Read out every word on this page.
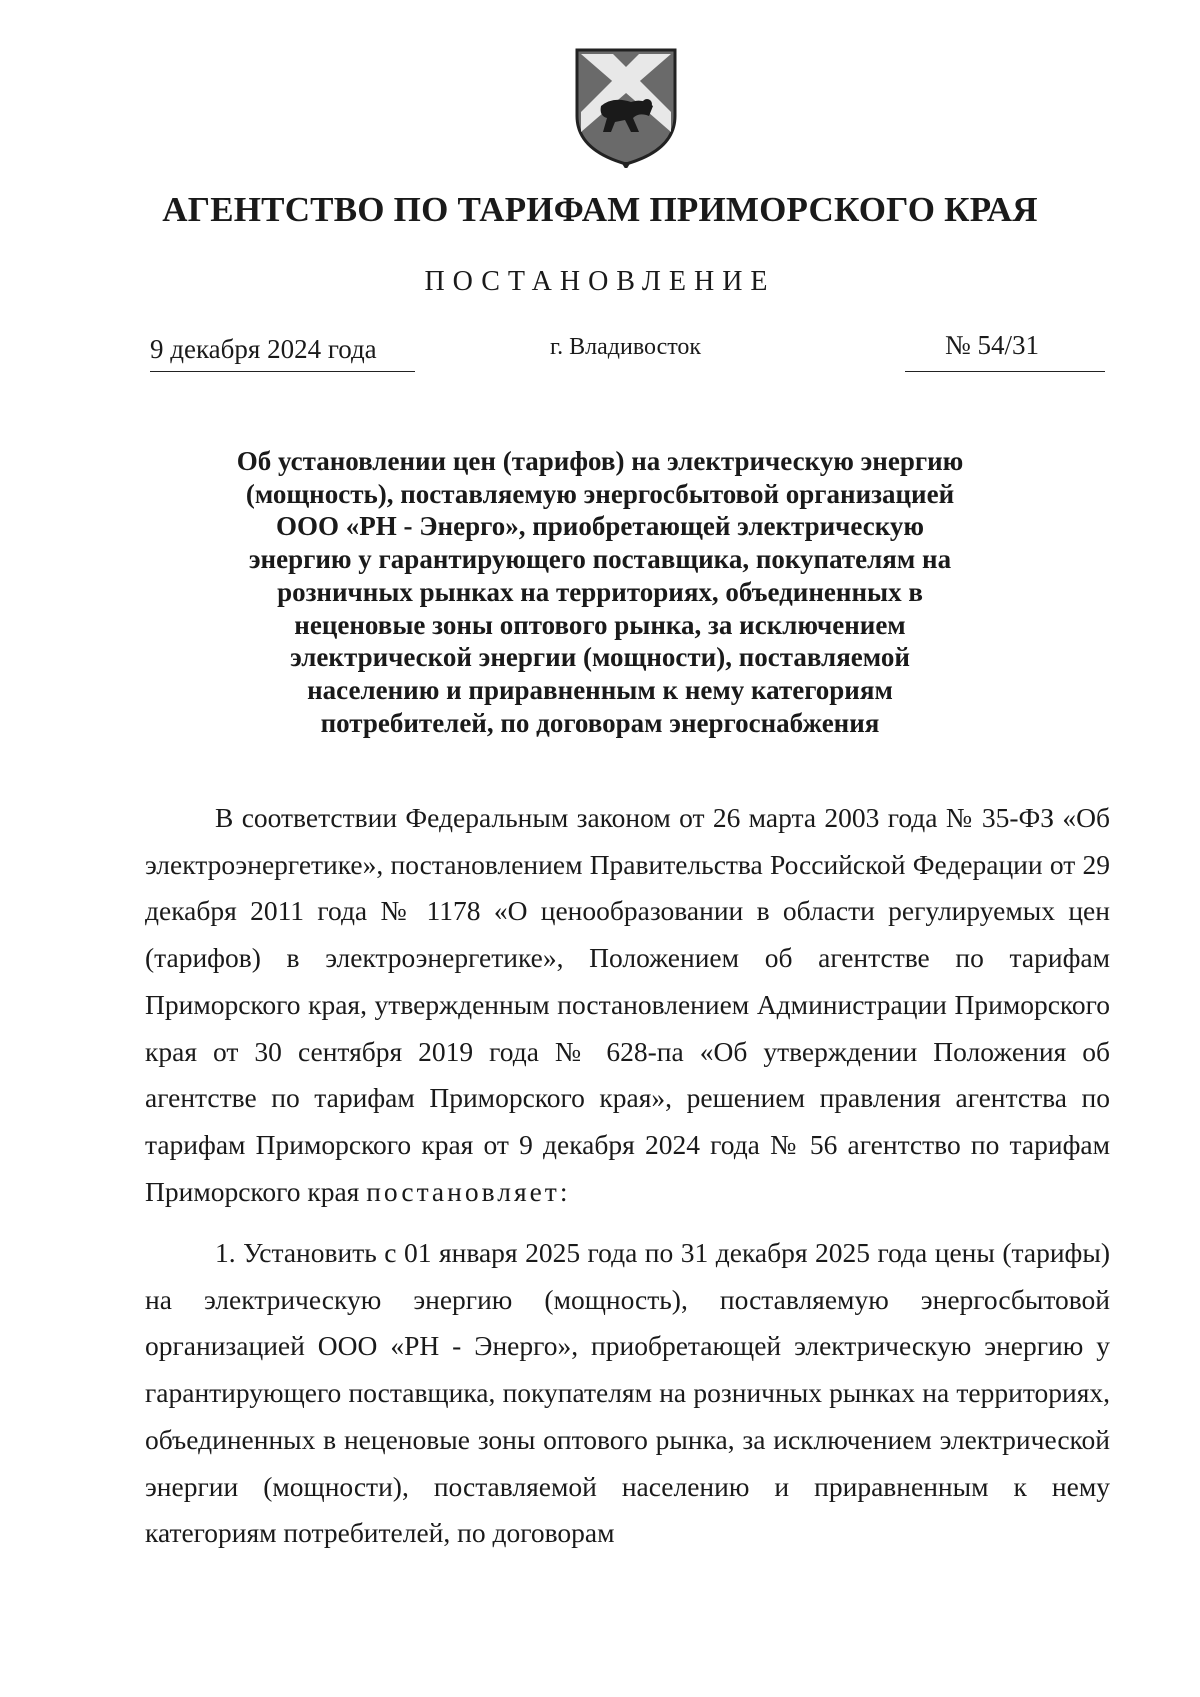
АГЕНТСТВО ПО ТАРИФАМ ПРИМОРСКОГО КРАЯ
ПОСТАНОВЛЕНИЕ
9 декабря 2024 года	г. Владивосток	№ 54/31
Об установлении цен (тарифов) на электрическую энергию (мощность), поставляемую энергосбытовой организацией ООО «РН - Энерго», приобретающей электрическую энергию у гарантирующего поставщика, покупателям на розничных рынках на территориях, объединенных в неценовые зоны оптового рынка, за исключением электрической энергии (мощности), поставляемой населению и приравненным к нему категориям потребителей, по договорам энергоснабжения

В соответствии Федеральным законом от 26 марта 2003 года № 35-ФЗ «Об электроэнергетике», постановлением Правительства Российской Федерации от 29 декабря 2011 года № 1178 «О ценообразовании в области регулируемых цен (тарифов) в электроэнергетике», Положением об агентстве по тарифам Приморского края, утвержденным постановлением Администрации Приморского края от 30 сентября 2019 года № 628-па «Об утверждении Положения об агентстве по тарифам Приморского края», решением правления агентства по тарифам Приморского края от 9 декабря 2024 года № 56 агентство по тарифам Приморского края постановляет:

1. Установить с 01 января 2025 года по 31 декабря 2025 года цены (тарифы) на электрическую энергию (мощность), поставляемую энергосбытовой организацией ООО «РН - Энерго», приобретающей электрическую энергию у гарантирующего поставщика, покупателям на розничных рынках на территориях, объединенных в неценовые зоны оптового рынка, за исключением электрической энергии (мощности), поставляемой населению и приравненным к нему категориям потребителей, по договорам
